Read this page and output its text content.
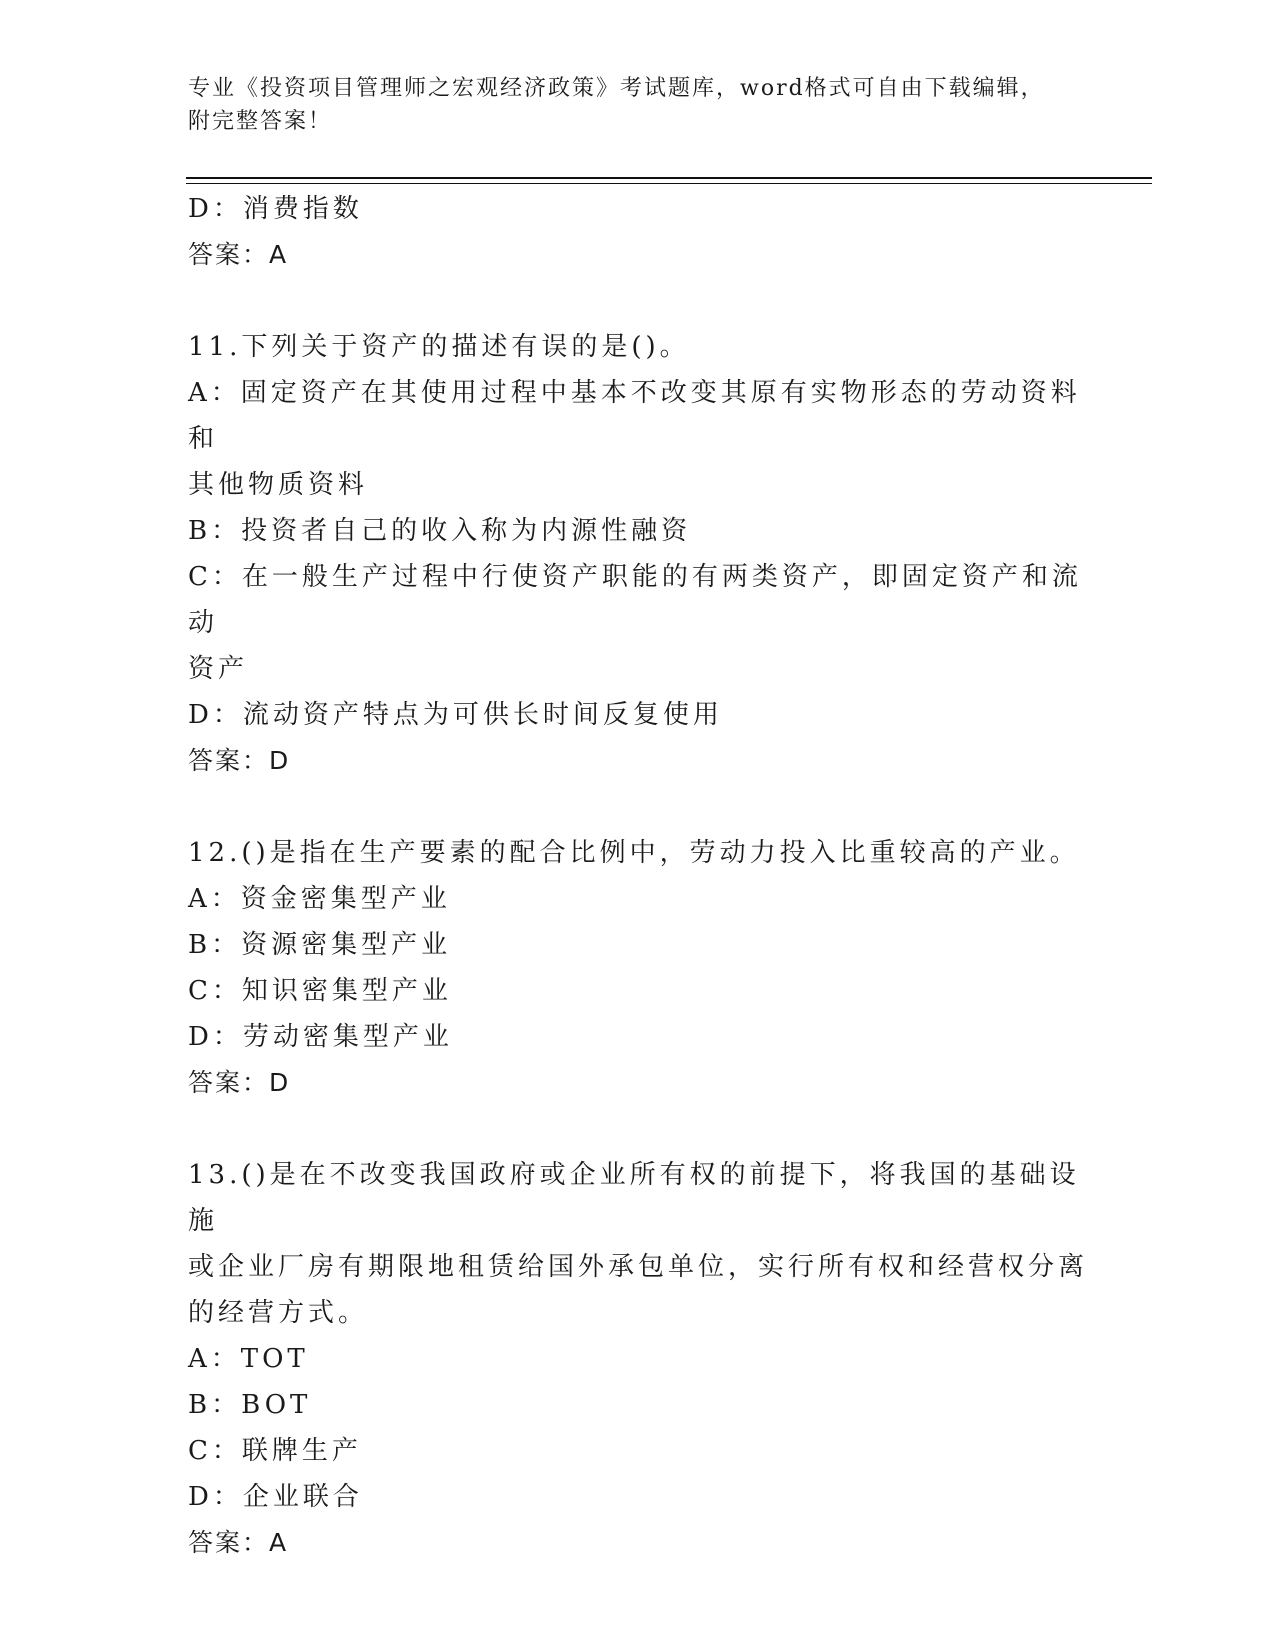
专业《投资项目管理师之宏观经济政策》考试题库，word格式可自由下载编辑，
附完整答案！

D：消费指数

答案：A

11.下列关于资产的描述有误的是()。

A：固定资产在其使用过程中基本不改变其原有实物形态的劳动资料和

其他物质资料

B：投资者自己的收入称为内源性融资

C：在一般生产过程中行使资产职能的有两类资产，即固定资产和流动

资产

D：流动资产特点为可供长时间反复使用

答案：D

12.()是指在生产要素的配合比例中，劳动力投入比重较高的产业。

A：资金密集型产业

B：资源密集型产业

C：知识密集型产业

D：劳动密集型产业

答案：D

13.()是在不改变我国政府或企业所有权的前提下，将我国的基础设施

或企业厂房有期限地租赁给国外承包单位，实行所有权和经营权分离

的经营方式。

A：TOT

B：BOT

C：联牌生产

D：企业联合

答案：A
